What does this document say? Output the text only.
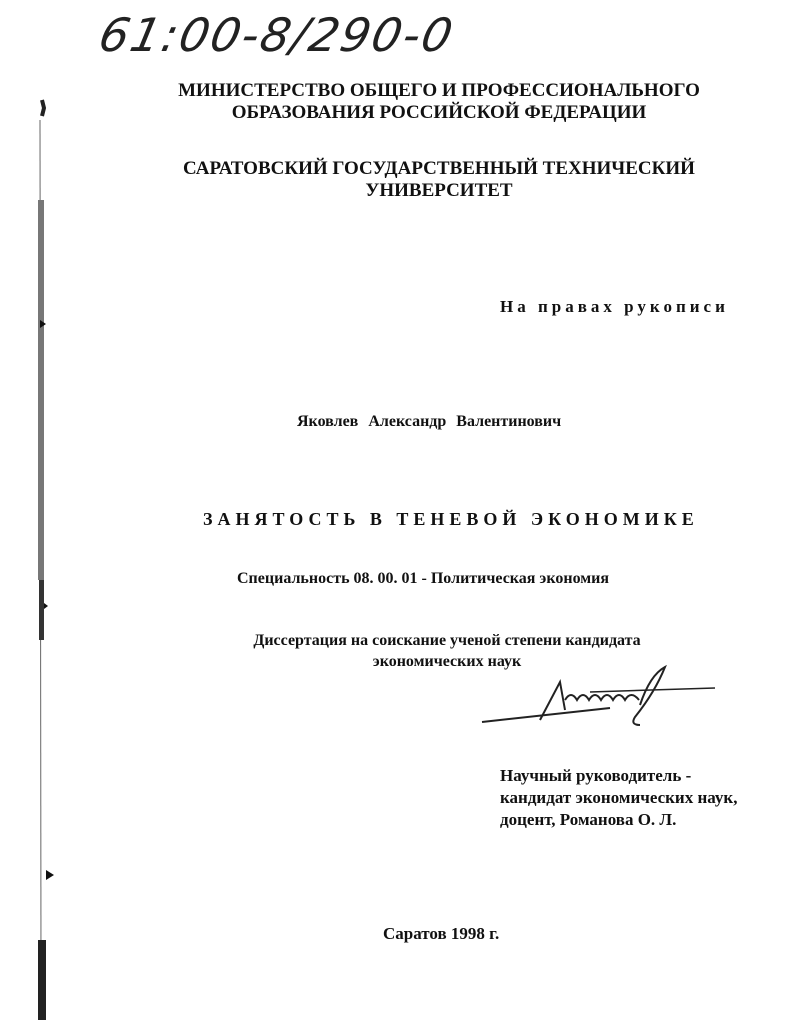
61:00-8/290-0
МИНИСТЕРСТВО ОБЩЕГО И ПРОФЕССИОНАЛЬНОГО
ОБРАЗОВАНИЯ РОССИЙСКОЙ ФЕДЕРАЦИИ
САРАТОВСКИЙ ГОСУДАРСТВЕННЫЙ ТЕХНИЧЕСКИЙ
УНИВЕРСИТЕТ
На правах рукописи
Яковлев Александр Валентинович
ЗАНЯТОСТЬ В ТЕНЕВОЙ ЭКОНОМИКЕ
Специальность 08. 00. 01 - Политическая экономия
Диссертация на соискание ученой степени кандидата
экономических наук
Научный руководитель -
кандидат экономических наук,
доцент, Романова О. Л.
Саратов 1998 г.
